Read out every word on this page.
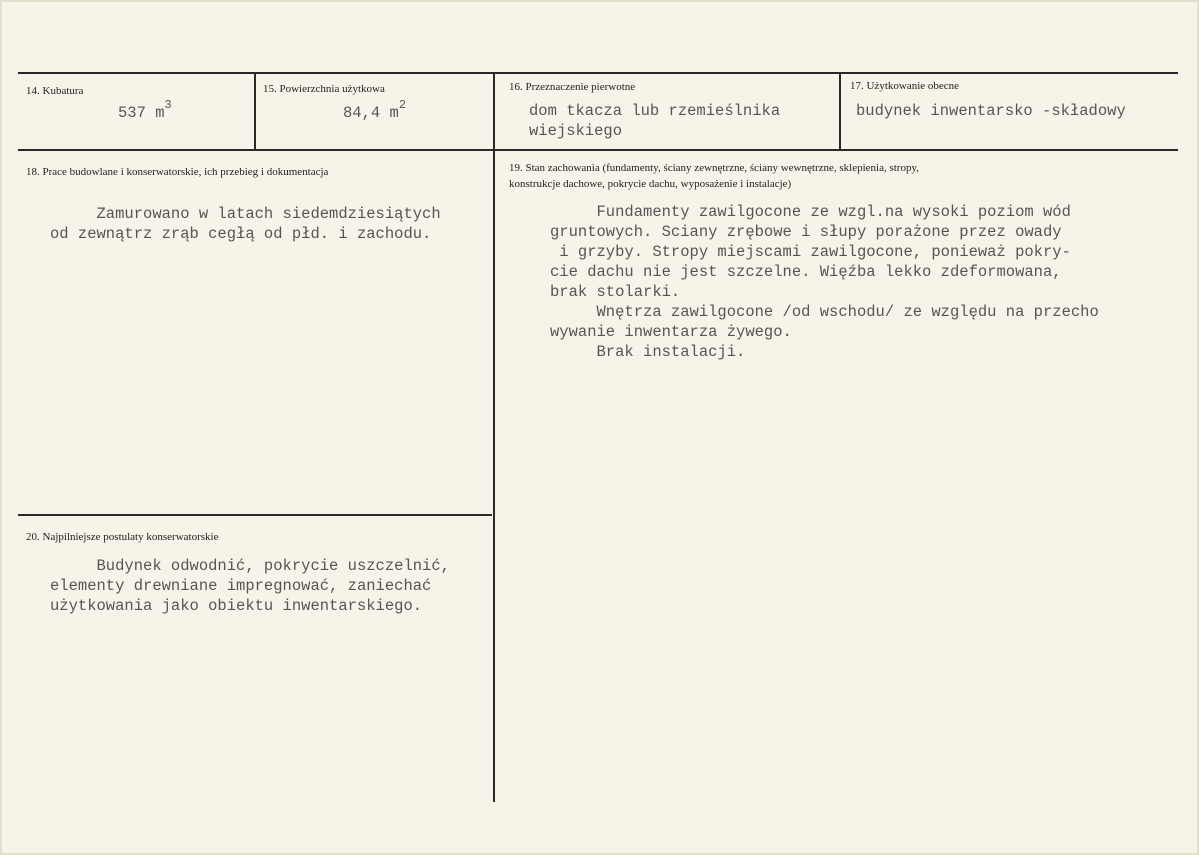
14. Kubatura
537 $m^3$
15. Powierzchnia użytkowa
84,4 $m^2$
16. Przeznaczenie pierwotne
dom tkacza lub rzemieślnika
wiejskiego
17. Użytkowanie obecne
budynek inwentarsko -składowy
18. Prace budowlane i konserwatorskie, ich przebieg i dokumentacja
Zamurowano w latach siedemdziesiątych
od zewnątrz zrąb cegłą od płd. i zachodu.
19. Stan zachowania (fundamenty, ściany zewnętrzne, ściany wewnętrzne, sklepienia, stropy,
konstrukcje dachowe, pokrycie dachu, wyposażenie i instalacje)
Fundamenty zawilgocone ze wzgl.na wysoki poziom wód
gruntowych. Sciany zrębowe i słupy porażone przez owady
i grzyby. Stropy miejscami zawilgocone, ponieważ pokry-
cie dachu nie jest szczelne. Więźba lekko zdeformowana,
brak stolarki.
Wnętrza zawilgocone /od wschodu/ ze względu na przecho
wywanie inwentarza żywego.
Brak instalacji.
20. Najpilniejsze postulaty konserwatorskie
Budynek odwodnić, pokrycie uszczelnić,
elementy drewniane impregnować, zaniechać
użytkowania jako obiektu inwentarskiego.
